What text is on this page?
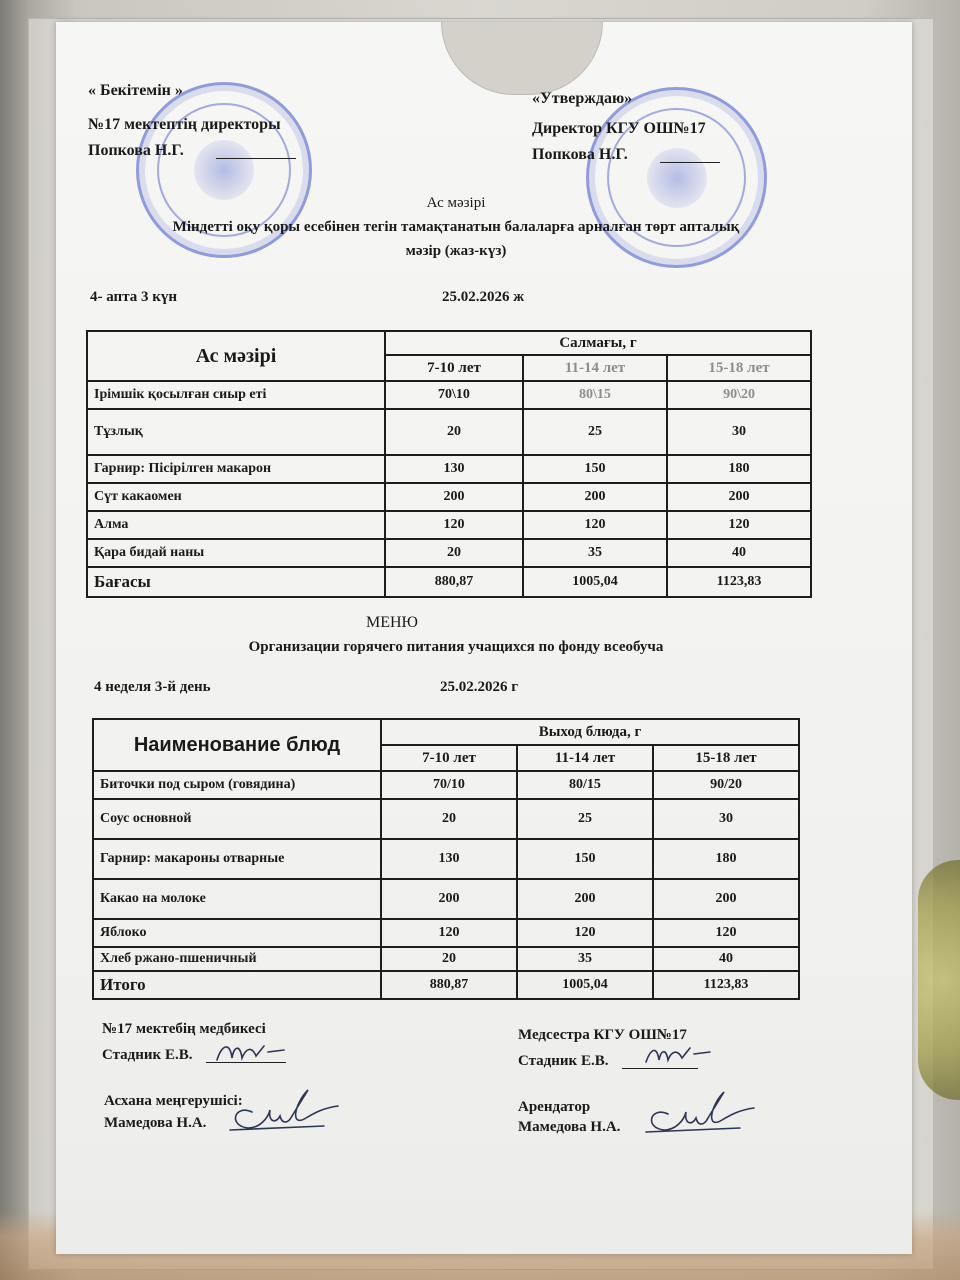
« Бекітемін »
№17 мектептің директоры
Попкова Н.Г.
«Утверждаю»
Директор КГУ ОШ№17
Попкова Н.Г.
Ас мәзірі
Міндетті оқу қоры есебінен тегін тамақтанатын балаларға арналған төрт апталық
мәзір (жаз-күз)
4- апта 3 күн	25.02.2026 ж
Ас мәзірі	Салмағы, г		
	7-10 лет	11-14 лет	15-18 лет
Ірімшік қосылған сиыр еті	70\10	80\15	90\20
Тұзлық	20	25	30
Гарнир: Пісірілген макарон	130	150	180
Сүт какаомен	200	200	200
Алма	120	120	120
Қара бидай наны	20	35	40
Бағасы	880,87	1005,04	1123,83
МЕНЮ
Организации горячего питания учащихся по фонду всеобуча
4 неделя 3-й день	25.02.2026 г
Наименование блюд	Выход блюда, г		
	7-10 лет	11-14 лет	15-18 лет
Биточки под сыром (говядина)	70/10	80/15	90/20
Соус основной	20	25	30
Гарнир: макароны отварные	130	150	180
Какао на молоке	200	200	200
Яблоко	120	120	120
Хлеб ржано-пшеничный	20	35	40
Итого	880,87	1005,04	1123,83
№17 мектебің медбикесі
Стадник Е.В.
Медсестра КГУ ОШ№17
Стадник Е.В.
Асхана меңгерушісі:
Мамедова Н.А.
Арендатор
Мамедова Н.А.
